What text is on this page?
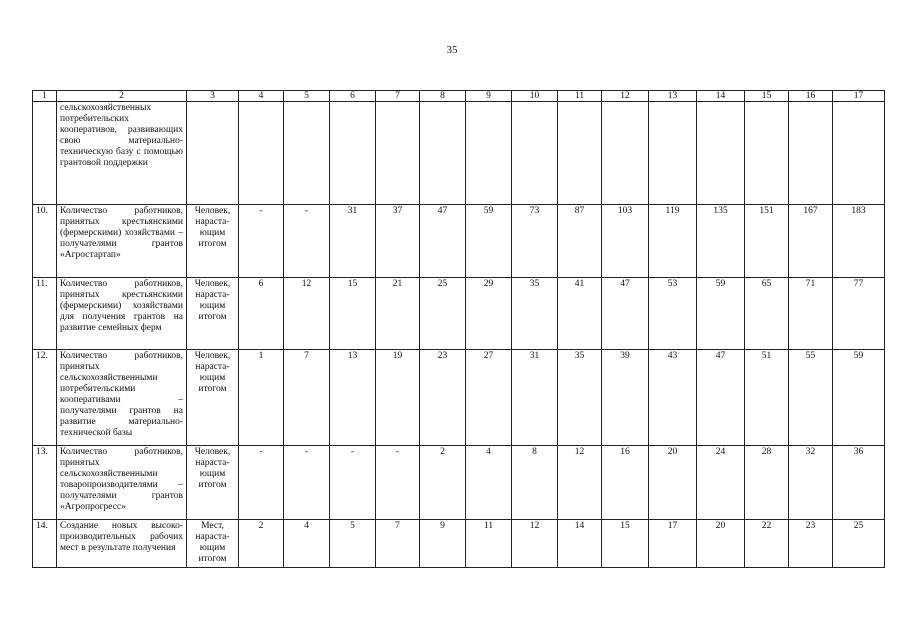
35
1	2	3	4	5	6	7	8	9	10	11	12	13	14	15	16	17
	сельскохозяйственных потребительских кооперативов, развивающих свою материально-техническую базу с помощью грантовой поддержки															
10.	Количество работников, принятых крестьянскими (фермерскими) хозяйствами – получателями грантов «Агростартап»	Человек, нараста-ющим итогом	-	-	31	37	47	59	73	87	103	119	135	151	167	183
11.	Количество работников, принятых крестьянскими (фермерскими) хозяйствами для получения грантов на развитие семейных ферм	Человек, нараста-ющим итогом	6	12	15	21	25	29	35	41	47	53	59	65	71	77
12.	Количество работников, принятых сельскохозяйственными потребительскими кооперативами – получателями грантов на развитие материально-технической базы	Человек, нараста-ющим итогом	1	7	13	19	23	27	31	35	39	43	47	51	55	59
13.	Количество работников, принятых сельскохозяйственными товаропроизводителями – получателями грантов «Агропрогресс»	Человек, нараста-ющим итогом	-	-	-	-	2	4	8	12	16	20	24	28	32	36
14.	Создание новых высоко-производительных рабочих мест в результате получения	Мест, нараста-ющим итогом	2	4	5	7	9	11	12	14	15	17	20	22	23	25
